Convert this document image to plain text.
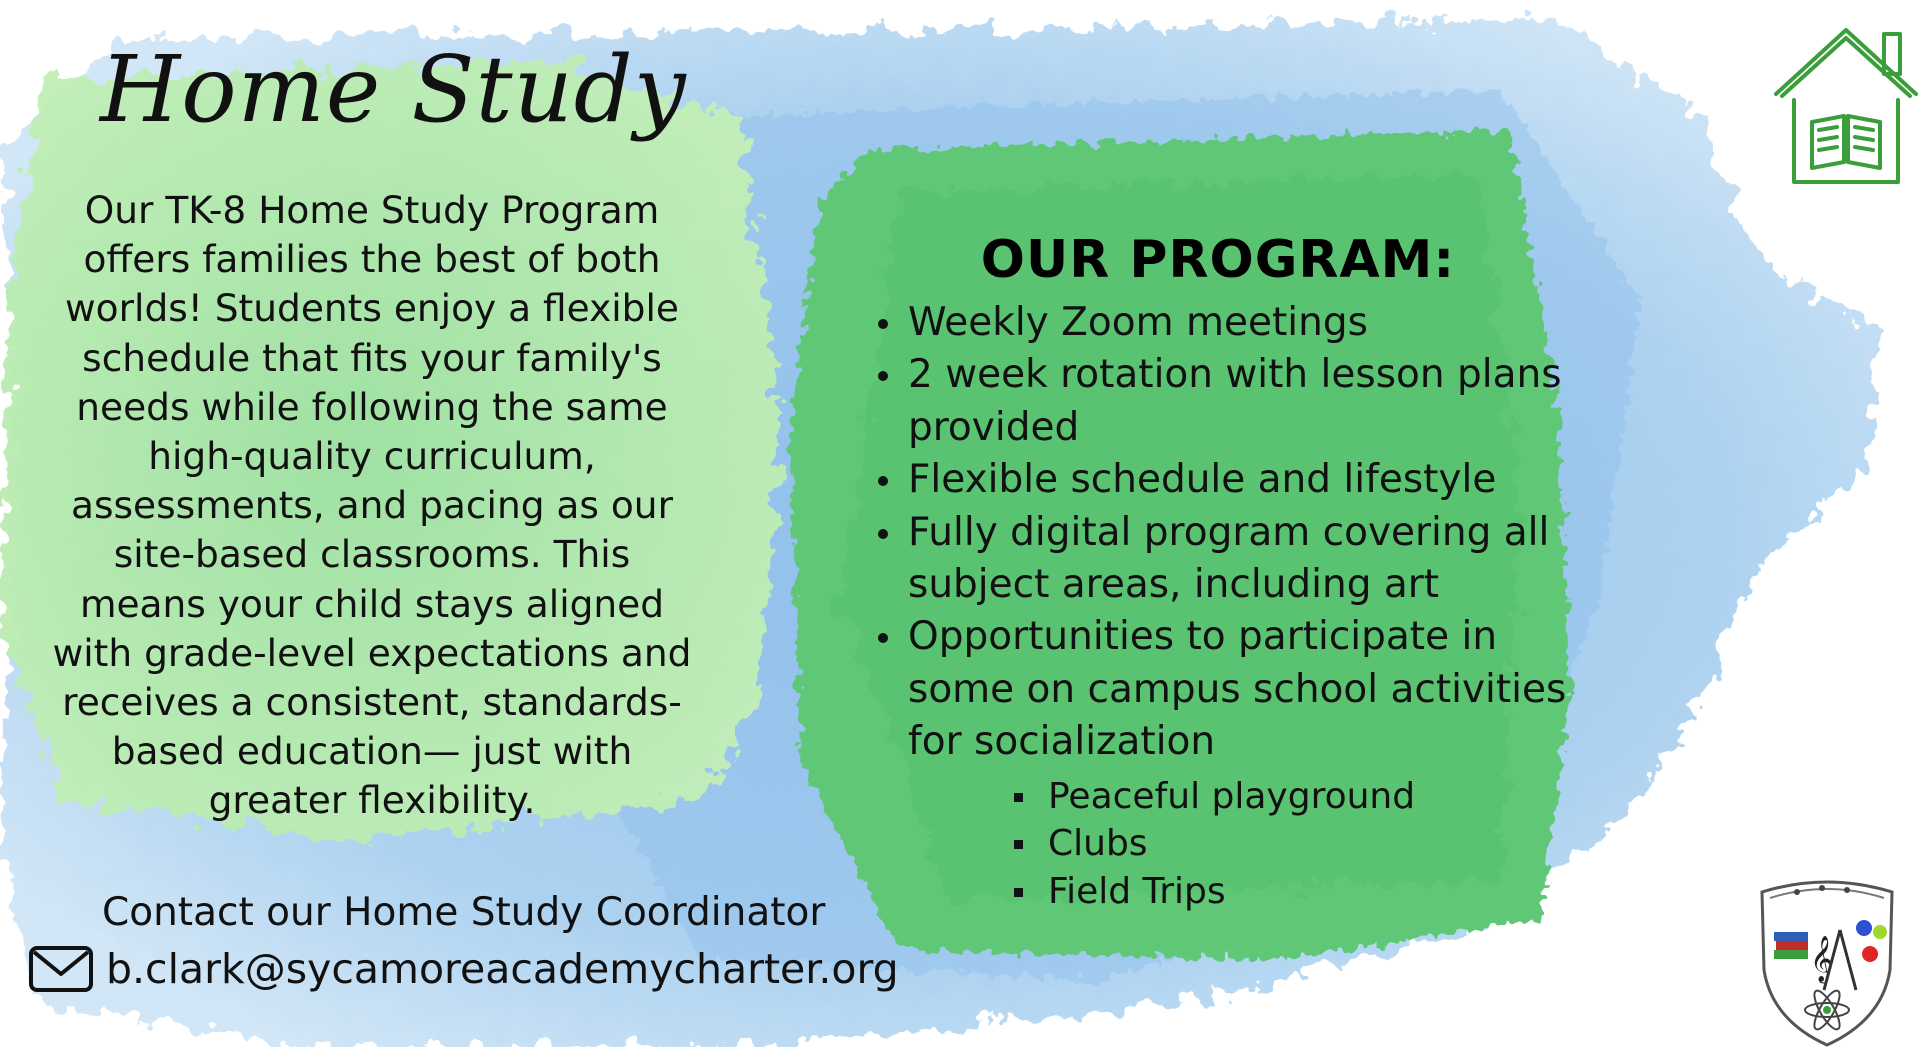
Home Study

Our TK-8 Home Study Program offers families the best of both worlds! Students enjoy a flexible schedule that fits your family's needs while following the same high-quality curriculum, assessments, and pacing as our site-based classrooms. This means your child stays aligned with grade-level expectations and receives a consistent, standards-based education— just with greater flexibility.

OUR PROGRAM:
Weekly Zoom meetings
2 week rotation with lesson plans provided
Flexible schedule and lifestyle
Fully digital program covering all subject areas, including art
Opportunities to participate in some on campus school activities for socialization
Peaceful playground
Clubs
Field Trips

Contact our Home Study Coordinator

b.clark@sycamoreacademycharter.org	𝄞
